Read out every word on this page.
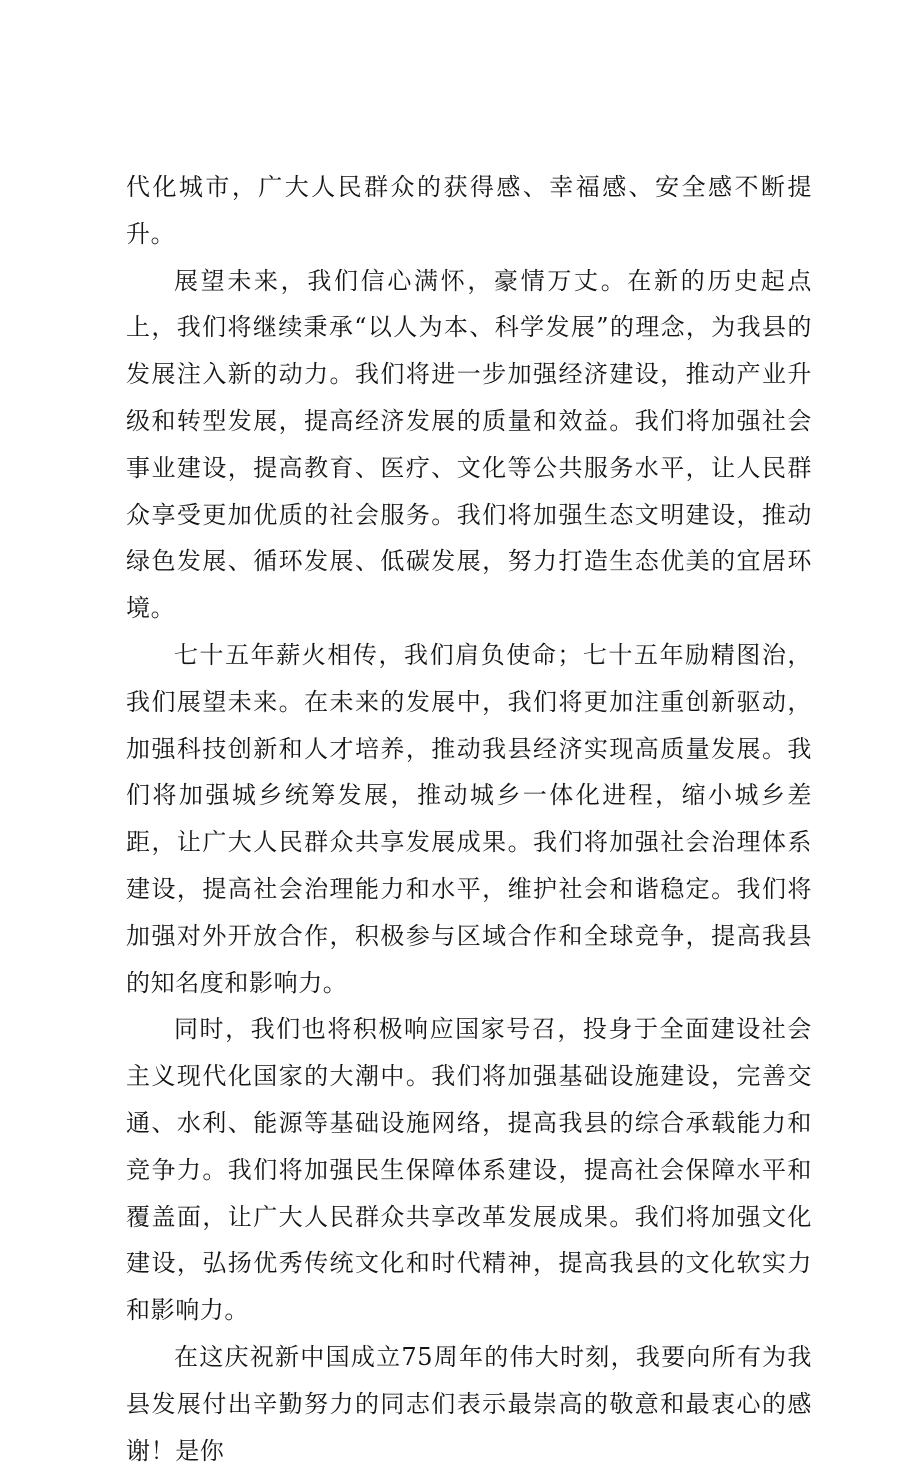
代化城市，广大人民群众的获得感、幸福感、安全感不断提升。

展望未来，我们信心满怀，豪情万丈。在新的历史起点上，我们将继续秉承“以人为本、科学发展”的理念，为我县的发展注入新的动力。我们将进一步加强经济建设，推动产业升级和转型发展，提高经济发展的质量和效益。我们将加强社会事业建设，提高教育、医疗、文化等公共服务水平，让人民群众享受更加优质的社会服务。我们将加强生态文明建设，推动绿色发展、循环发展、低碳发展，努力打造生态优美的宜居环境。

七十五年薪火相传，我们肩负使命；七十五年励精图治，我们展望未来。在未来的发展中，我们将更加注重创新驱动，加强科技创新和人才培养，推动我县经济实现高质量发展。我们将加强城乡统筹发展，推动城乡一体化进程，缩小城乡差距，让广大人民群众共享发展成果。我们将加强社会治理体系建设，提高社会治理能力和水平，维护社会和谐稳定。我们将加强对外开放合作，积极参与区域合作和全球竞争，提高我县的知名度和影响力。

同时，我们也将积极响应国家号召，投身于全面建设社会主义现代化国家的大潮中。我们将加强基础设施建设，完善交通、水利、能源等基础设施网络，提高我县的综合承载能力和竞争力。我们将加强民生保障体系建设，提高社会保障水平和覆盖面，让广大人民群众共享改革发展成果。我们将加强文化建设，弘扬优秀传统文化和时代精神，提高我县的文化软实力和影响力。

在这庆祝新中国成立75周年的伟大时刻，我要向所有为我县发展付出辛勤努力的同志们表示最崇高的敬意和最衷心的感谢！是你
